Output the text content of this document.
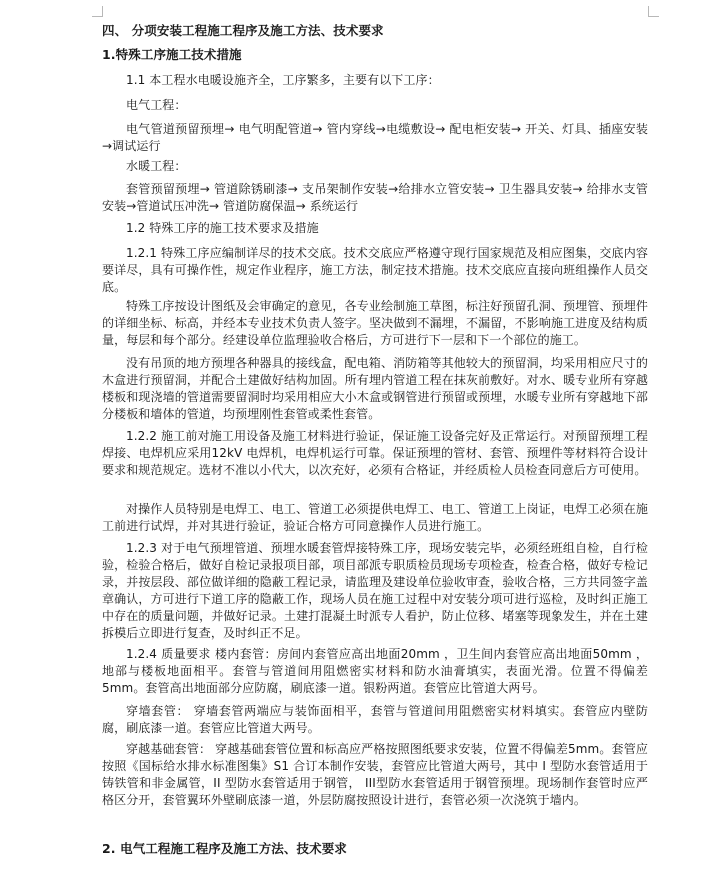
四、 分项安装工程施工程序及施工方法、技术要求
1.特殊工序施工技术措施
1.1 本工程水电暖设施齐全，工序繁多，主要有以下工序：
电气工程：
电气管道预留预埋→ 电气明配管道→ 管内穿线→电缆敷设→ 配电柜安装→ 开关、灯具、插座安装→调试运行
水暖工程：
套管预留预埋→ 管道除锈刷漆→ 支吊架制作安装→给排水立管安装→ 卫生器具安装→ 给排水支管安装→管道试压冲洗→ 管道防腐保温→ 系统运行
1.2 特殊工序的施工技术要求及措施
1.2.1 特殊工序应编制详尽的技术交底。技术交底应严格遵守现行国家规范及相应图集，交底内容要详尽，具有可操作性，规定作业程序，施工方法，制定技术措施。技术交底应直接向班组操作人员交底。
特殊工序按设计图纸及会审确定的意见，各专业绘制施工草图，标注好预留孔洞、预埋管、预埋件的详细坐标、标高，并经本专业技术负责人签字。坚决做到不漏埋，不漏留，不影响施工进度及结构质量，每层和每个部分。经建设单位监理验收合格后，方可进行下一层和下一个部位的施工。
没有吊顶的地方预埋各种器具的接线盒，配电箱、消防箱等其他较大的预留洞，均采用相应尺寸的木盒进行预留洞，并配合土建做好结构加固。所有埋内管道工程在抹灰前敷好。对水、暖专业所有穿越楼板和现浇墙的管道需要留洞时均采用相应大小木盒或钢管进行预留或预埋，水暖专业所有穿越地下部分楼板和墙体的管道，均预埋刚性套管或柔性套管。
1.2.2 施工前对施工用设备及施工材料进行验证，保证施工设备完好及正常运行。对预留预埋工程焊接、电焊机应采用12kV 电焊机，电焊机运行可靠。保证预埋的管材、套管、预埋件等材料符合设计要求和规范规定。选材不准以小代大，以次充好，必须有合格证，并经质检人员检查同意后方可使用。
对操作人员特别是电焊工、电工、管道工必须提供电焊工、电工、管道工上岗证，电焊工必须在施工前进行试焊，并对其进行验证，验证合格方可同意操作人员进行施工。
1.2.3 对于电气预埋管道、预埋水暖套管焊接特殊工序，现场安装完毕，必须经班组自检，自行检验，检验合格后，做好自检记录报项目部，项目部派专职质检员现场专项检查，检查合格，做好专检记录，并按层段、部位做详细的隐蔽工程记录，请监理及建设单位验收审查，验收合格，三方共同签字盖章确认，方可进行下道工序的隐蔽工作，现场人员在施工过程中对安装分项可进行巡检，及时纠正施工中存在的质量问题，并做好记录。土建打混凝土时派专人看护，防止位移、堵塞等现象发生，并在土建拆模后立即进行复查，及时纠正不足。
1.2.4 质量要求 楼内套管：房间内套管应高出地面20mm ，卫生间内套管应高出地面50mm ，地部与楼板地面相平。套管与管道间用阻燃密实材料和防水油膏填实，表面光滑。位置不得偏差5mm。套管高出地面部分应防腐，刷底漆一道。银粉两道。套管应比管道大两号。
穿墙套管： 穿墙套管两端应与装饰面相平，套管与管道间用阻燃密实材料填实。套管应内壁防腐，刷底漆一道。套管应比管道大两号。
穿越基础套管： 穿越基础套管位置和标高应严格按照图纸要求安装，位置不得偏差5mm。套管应按照《国标给水排水标准图集》S1 合订本制作安装，套管应比管道大两号，其中 I 型防水套管适用于铸铁管和非金属管，II 型防水套管适用于钢管， III型防水套管适用于钢管预埋。现场制作套管时应严格区分开，套管翼环外壁刷底漆一道，外层防腐按照设计进行，套管必须一次浇筑于墙内。
2. 电气工程施工程序及施工方法、技术要求
